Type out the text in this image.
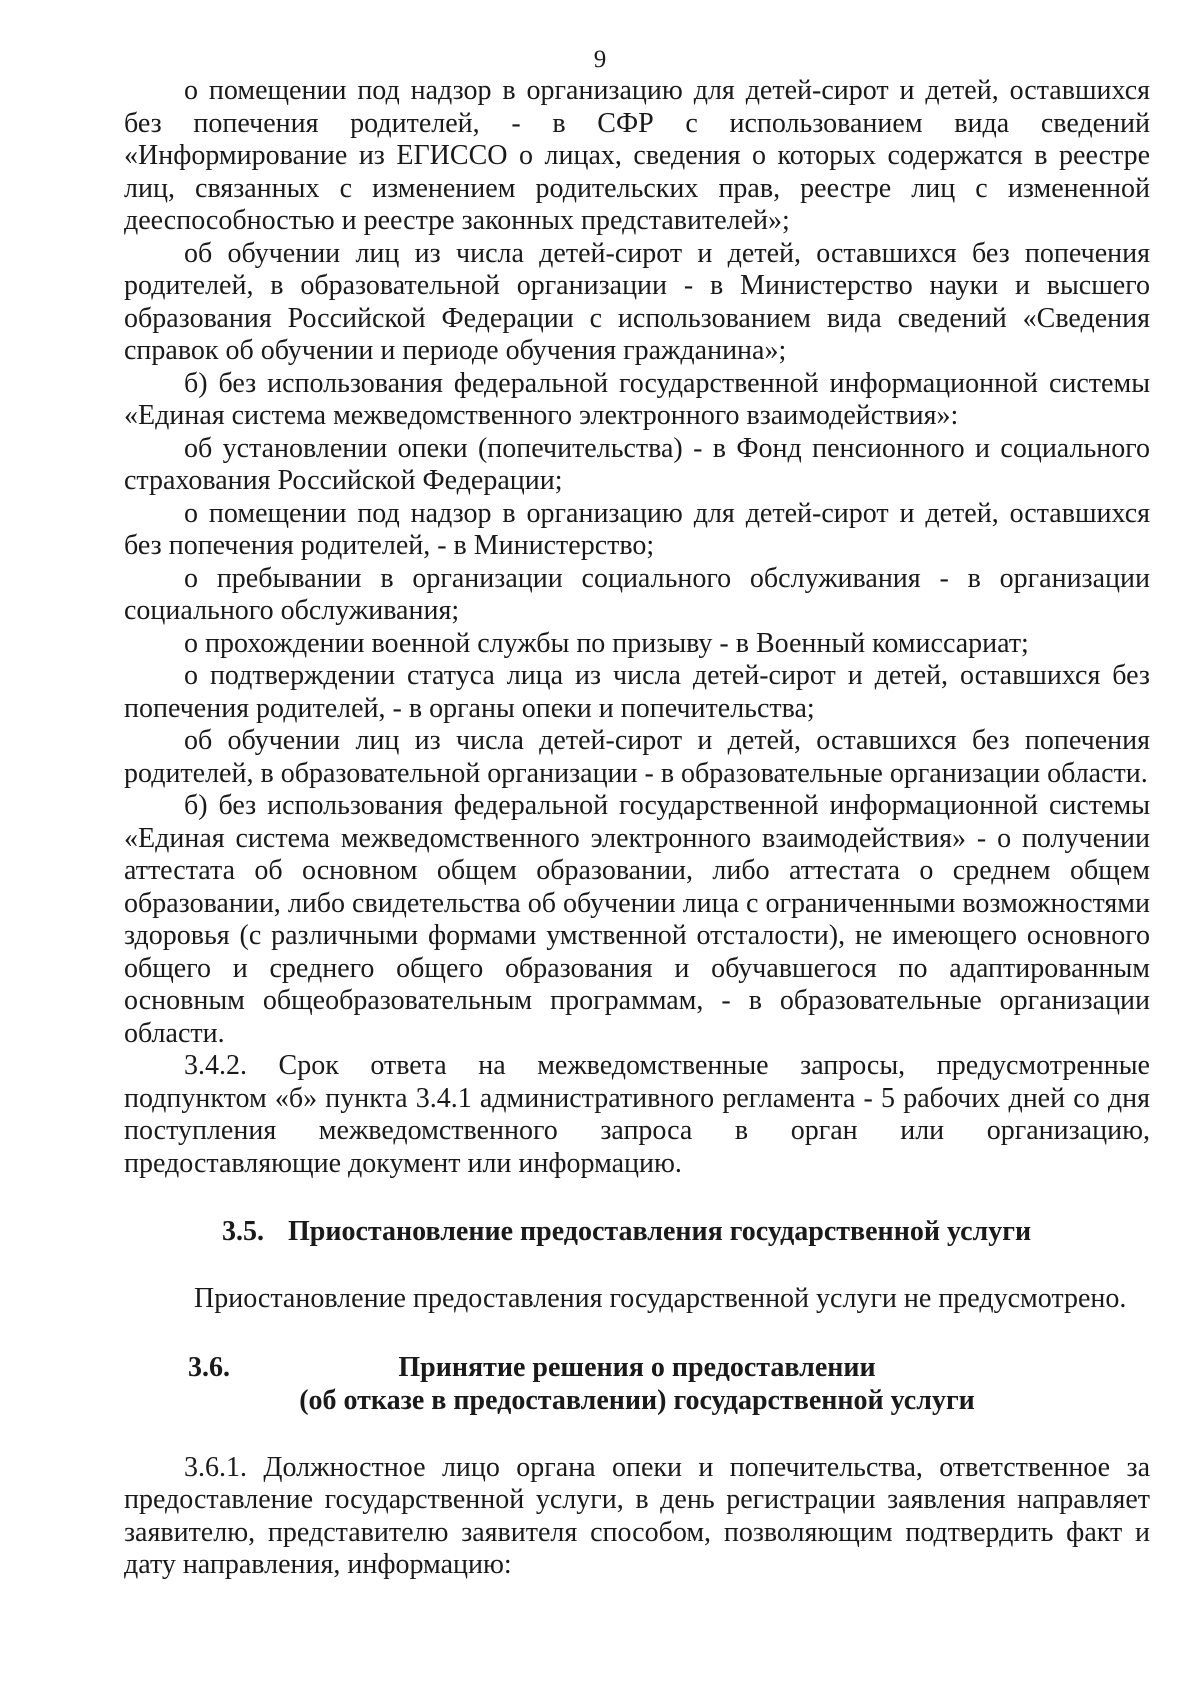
9

о помещении под надзор в организацию для детей-сирот и детей, оставшихся без попечения родителей, - в СФР с использованием вида сведений «Информирование из ЕГИССО о лицах, сведения о которых содержатся в реестре лиц, связанных с изменением родительских прав, реестре лиц с измененной дееспособностью и реестре законных представителей»;

об обучении лиц из числа детей-сирот и детей, оставшихся без попечения родителей, в образовательной организации - в Министерство науки и высшего образования Российской Федерации с использованием вида сведений «Сведения справок об обучении и периоде обучения гражданина»;

б) без использования федеральной государственной информационной системы «Единая система межведомственного электронного взаимодействия»:

об установлении опеки (попечительства) - в Фонд пенсионного и социального страхования Российской Федерации;

о помещении под надзор в организацию для детей-сирот и детей, оставшихся без попечения родителей, - в Министерство;

о пребывании в организации социального обслуживания - в организации социального обслуживания;

о прохождении военной службы по призыву - в Военный комиссариат;

о подтверждении статуса лица из числа детей-сирот и детей, оставшихся без попечения родителей, - в органы опеки и попечительства;

об обучении лиц из числа детей-сирот и детей, оставшихся без попечения родителей, в образовательной организации - в образовательные организации области.

б) без использования федеральной государственной информационной системы «Единая система межведомственного электронного взаимодействия» - о получении аттестата об основном общем образовании, либо аттестата о среднем общем образовании, либо свидетельства об обучении лица с ограниченными возможностями здоровья (с различными формами умственной отсталости), не имеющего основного общего и среднего общего образования и обучавшегося по адаптированным основным общеобразовательным программам, - в образовательные организации области.

3.4.2. Срок ответа на межведомственные запросы, предусмотренные подпунктом «б» пункта 3.4.1 административного регламента - 5 рабочих дней со дня поступления межведомственного запроса в орган или организацию, предоставляющие документ или информацию.

3.5. Приостановление предоставления государственной услуги

Приостановление предоставления государственной услуги не предусмотрено.

3.6.	Принятие решения о предоставлении
(об отказе в предоставлении) государственной услуги

3.6.1. Должностное лицо органа опеки и попечительства, ответственное за предоставление государственной услуги, в день регистрации заявления направляет заявителю, представителю заявителя способом, позволяющим подтвердить факт и дату направления, информацию:
